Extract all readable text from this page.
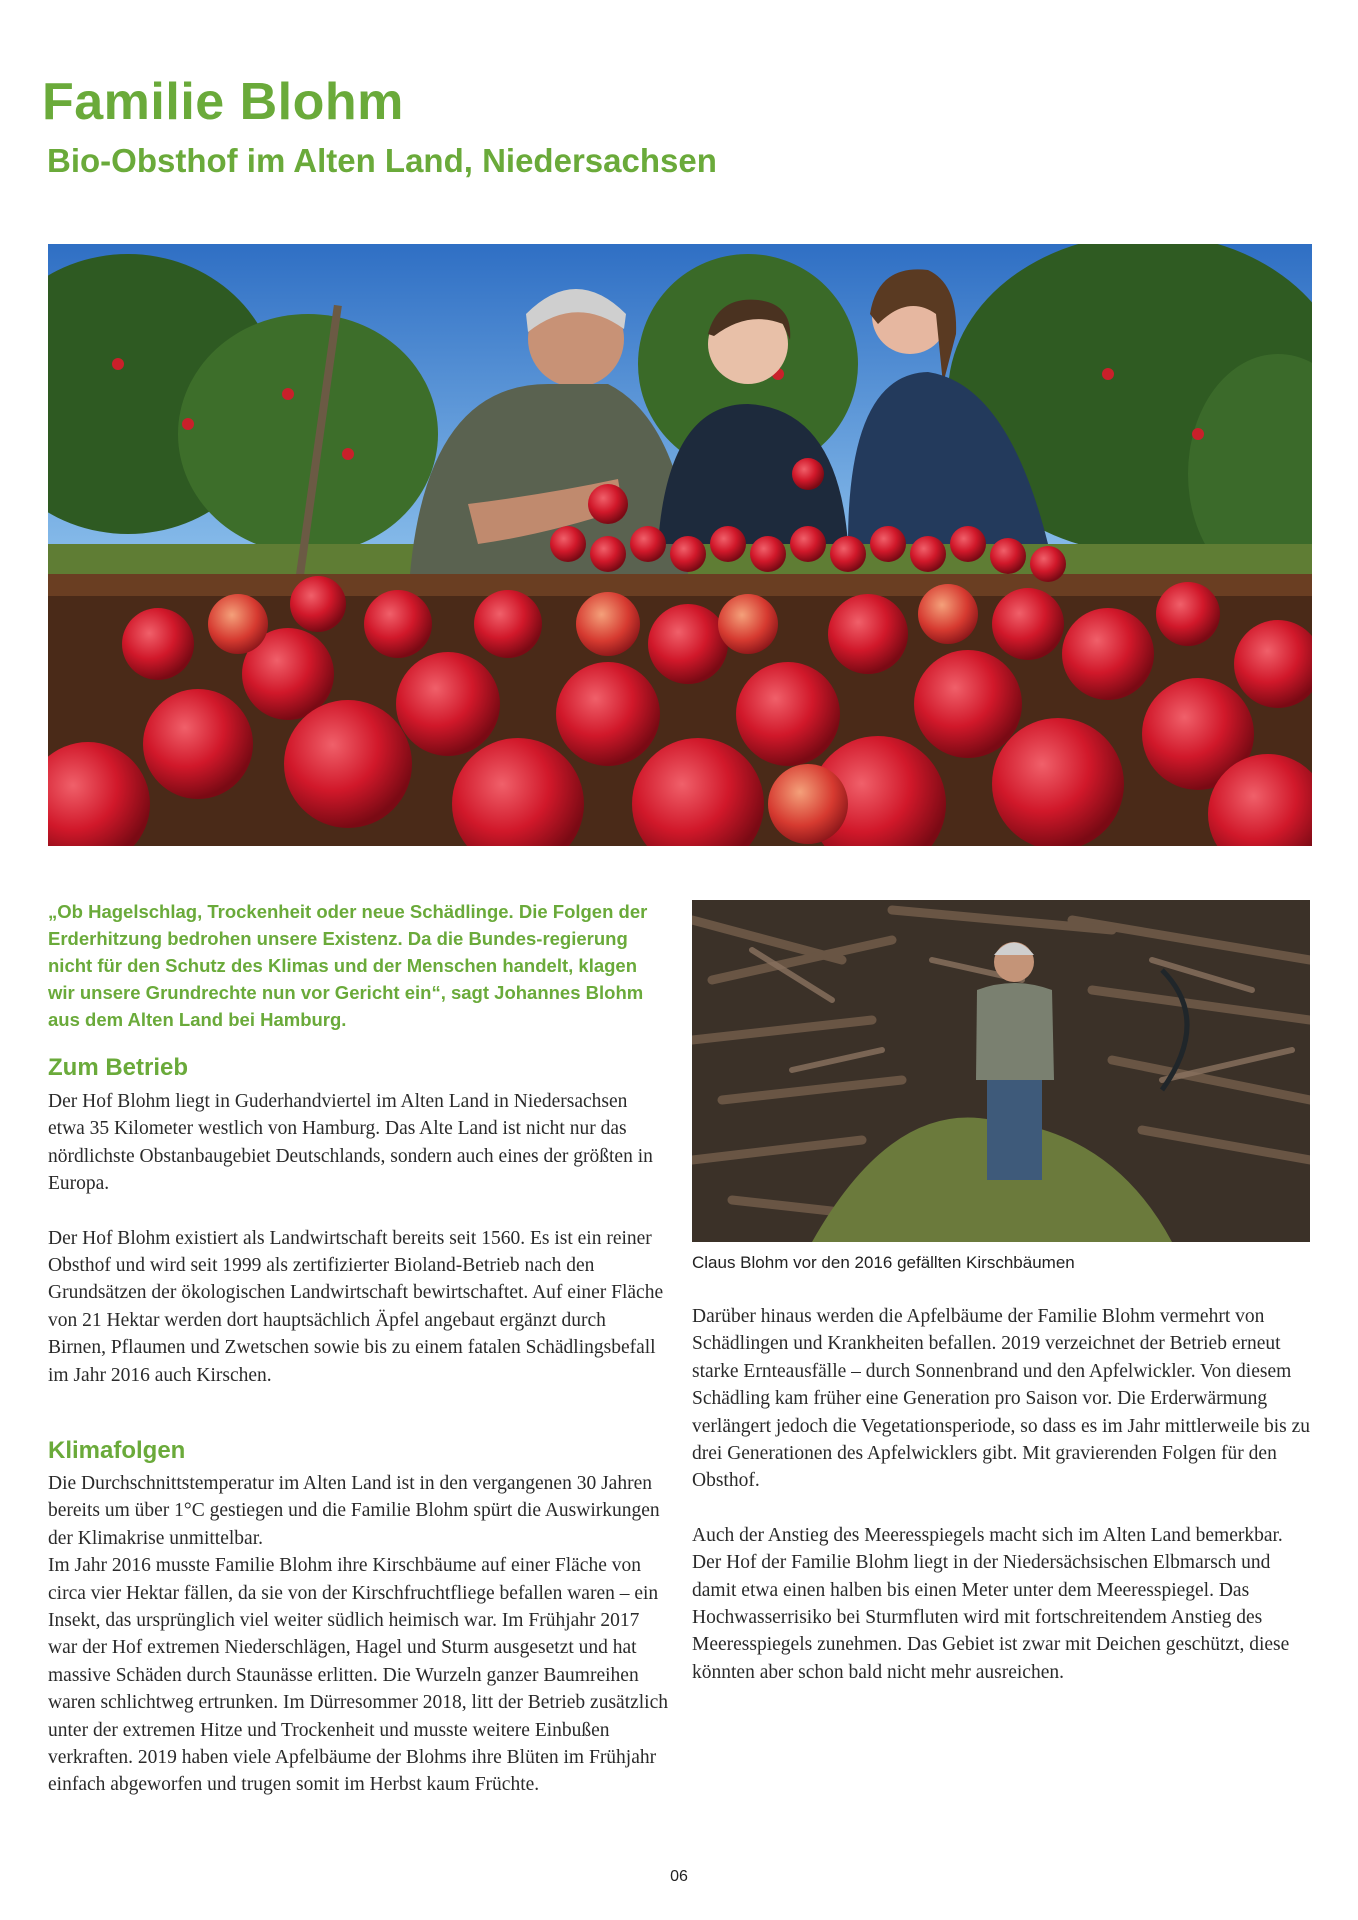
Familie Blohm
Bio-Obsthof im Alten Land, Niedersachsen
„Ob Hagelschlag, Trockenheit oder neue Schädlinge. Die Folgen der Erderhitzung bedrohen unsere Existenz. Da die Bundes-regierung nicht für den Schutz des Klimas und der Menschen handelt, klagen wir unsere Grundrechte nun vor Gericht ein“, sagt Johannes Blohm aus dem Alten Land bei Hamburg.
Zum Betrieb

Der Hof Blohm liegt in Guderhandviertel im Alten Land in Niedersachsen etwa 35 Kilometer westlich von Hamburg. Das Alte Land ist nicht nur das nördlichste Obstanbaugebiet Deutschlands, sondern auch eines der größten in Europa.

Der Hof Blohm existiert als Landwirtschaft bereits seit 1560. Es ist ein reiner Obsthof und wird seit 1999 als zertifizierter Bioland-Betrieb nach den Grundsätzen der ökologischen Landwirtschaft bewirtschaftet. Auf einer Fläche von 21 Hektar werden dort hauptsächlich Äpfel angebaut ergänzt durch Birnen, Pflaumen und Zwetschen sowie bis zu einem fatalen Schädlingsbefall im Jahr 2016 auch Kirschen.

Klimafolgen

Die Durchschnittstemperatur im Alten Land ist in den vergangenen 30 Jahren bereits um über 1°C gestiegen und die Familie Blohm spürt die Auswirkungen der Klimakrise unmittelbar.

Im Jahr 2016 musste Familie Blohm ihre Kirschbäume auf einer Fläche von circa vier Hektar fällen, da sie von der Kirschfruchtfliege befallen waren – ein Insekt, das ursprünglich viel weiter südlich heimisch war. Im Frühjahr 2017 war der Hof extremen Niederschlägen, Hagel und Sturm ausgesetzt und hat massive Schäden durch Staunässe erlitten. Die Wurzeln ganzer Baumreihen waren schlichtweg ertrunken. Im Dürresommer 2018, litt der Betrieb zusätzlich unter der extremen Hitze und Trockenheit und musste weitere Einbußen verkraften. 2019 haben viele Apfelbäume der Blohms ihre Blüten im Frühjahr einfach abgeworfen und trugen somit im Herbst kaum Früchte.

Claus Blohm vor den 2016 gefällten Kirschbäumen

Darüber hinaus werden die Apfelbäume der Familie Blohm vermehrt von Schädlingen und Krankheiten befallen. 2019 verzeichnet der Betrieb erneut starke Ernteausfälle – durch Sonnenbrand und den Apfelwickler. Von diesem Schädling kam früher eine Generation pro Saison vor. Die Erderwärmung verlängert jedoch die Vegetationsperiode, so dass es im Jahr mittlerweile bis zu drei Generationen des Apfelwicklers gibt. Mit gravierenden Folgen für den Obsthof.

Auch der Anstieg des Meeresspiegels macht sich im Alten Land bemerkbar. Der Hof der Familie Blohm liegt in der Niedersächsischen Elbmarsch und damit etwa einen halben bis einen Meter unter dem Meeresspiegel. Das Hochwasserrisiko bei Sturmfluten wird mit fortschreitendem Anstieg des Meeresspiegels zunehmen. Das Gebiet ist zwar mit Deichen geschützt, diese könnten aber schon bald nicht mehr ausreichen.

06
